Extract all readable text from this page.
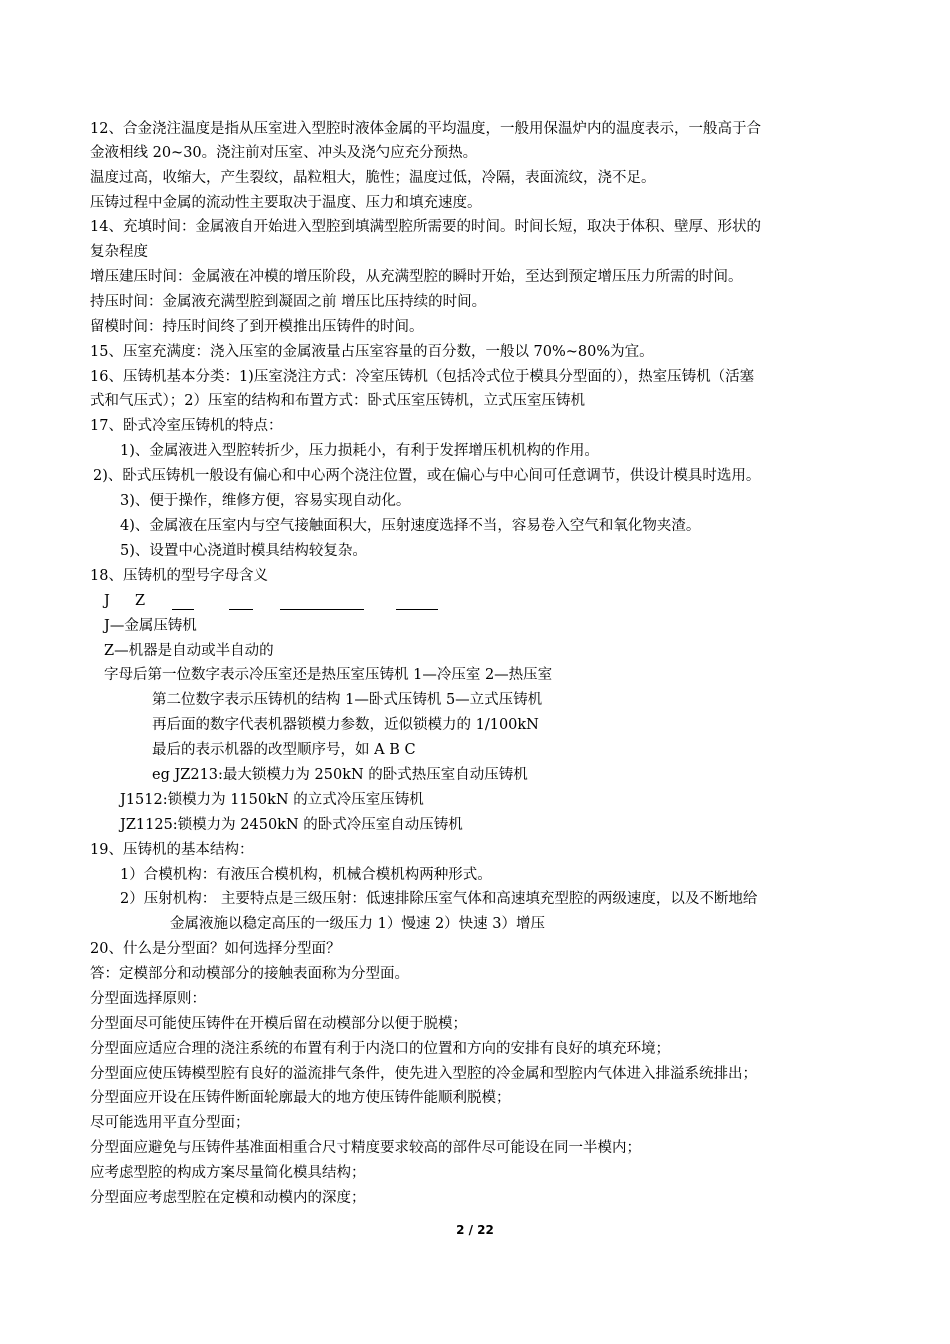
12、合金浇注温度是指从压室进入型腔时液体金属的平均温度，一般用保温炉内的温度表示，一般高于合

金液相线 20~30。浇注前对压室、冲头及浇勺应充分预热。

温度过高，收缩大，产生裂纹，晶粒粗大，脆性；温度过低，冷隔，表面流纹，浇不足。

压铸过程中金属的流动性主要取决于温度、压力和填充速度。

14、充填时间：金属液自开始进入型腔到填满型腔所需要的时间。时间长短，取决于体积、壁厚、形状的

复杂程度

增压建压时间：金属液在冲模的增压阶段，从充满型腔的瞬时开始，至达到预定增压压力所需的时间。

持压时间：金属液充满型腔到凝固之前 增压比压持续的时间。

留模时间：持压时间终了到开模推出压铸件的时间。

15、压室充满度：浇入压室的金属液量占压室容量的百分数，一般以 70%~80%为宜。

16、压铸机基本分类：1)压室浇注方式：冷室压铸机（包括冷式位于模具分型面的），热室压铸机（活塞

式和气压式）；2）压室的结构和布置方式：卧式压室压铸机，立式压室压铸机

17、卧式冷室压铸机的特点：

1)、金属液进入型腔转折少，压力损耗小，有利于发挥增压机机构的作用。

2)、卧式压铸机一般设有偏心和中心两个浇注位置，或在偏心与中心间可任意调节，供设计模具时选用。

3)、便于操作，维修方便，容易实现自动化。

4)、金属液在压室内与空气接触面积大，压射速度选择不当，容易卷入空气和氧化物夹渣。

5)、设置中心浇道时模具结构较复杂。

18、压铸机的型号字母含义

J Z

J—金属压铸机

Z—机器是自动或半自动的

字母后第一位数字表示冷压室还是热压室压铸机 1—冷压室 2—热压室

第二位数字表示压铸机的结构 1—卧式压铸机 5—立式压铸机

再后面的数字代表机器锁模力参数，近似锁模力的 1/100kN

最后的表示机器的改型顺序号，如 A B C

eg JZ213:最大锁模力为 250kN 的卧式热压室自动压铸机

J1512:锁模力为 1150kN 的立式冷压室压铸机

JZ1125:锁模力为 2450kN 的卧式冷压室自动压铸机

19、压铸机的基本结构：

1）合模机构：有液压合模机构，机械合模机构两种形式。

2）压射机构： 主要特点是三级压射：低速排除压室气体和高速填充型腔的两级速度，以及不断地给

金属液施以稳定高压的一级压力 1）慢速 2）快速 3）增压

20、什么是分型面？如何选择分型面？

答：定模部分和动模部分的接触表面称为分型面。

分型面选择原则：

分型面尽可能使压铸件在开模后留在动模部分以便于脱模；

分型面应适应合理的浇注系统的布置有利于内浇口的位置和方向的安排有良好的填充环境；

分型面应使压铸模型腔有良好的溢流排气条件，使先进入型腔的冷金属和型腔内气体进入排溢系统排出；

分型面应开设在压铸件断面轮廓最大的地方使压铸件能顺利脱模；

尽可能选用平直分型面；

分型面应避免与压铸件基准面相重合尺寸精度要求较高的部件尽可能设在同一半模内；

应考虑型腔的构成方案尽量简化模具结构；

分型面应考虑型腔在定模和动模内的深度；

2 / 22
